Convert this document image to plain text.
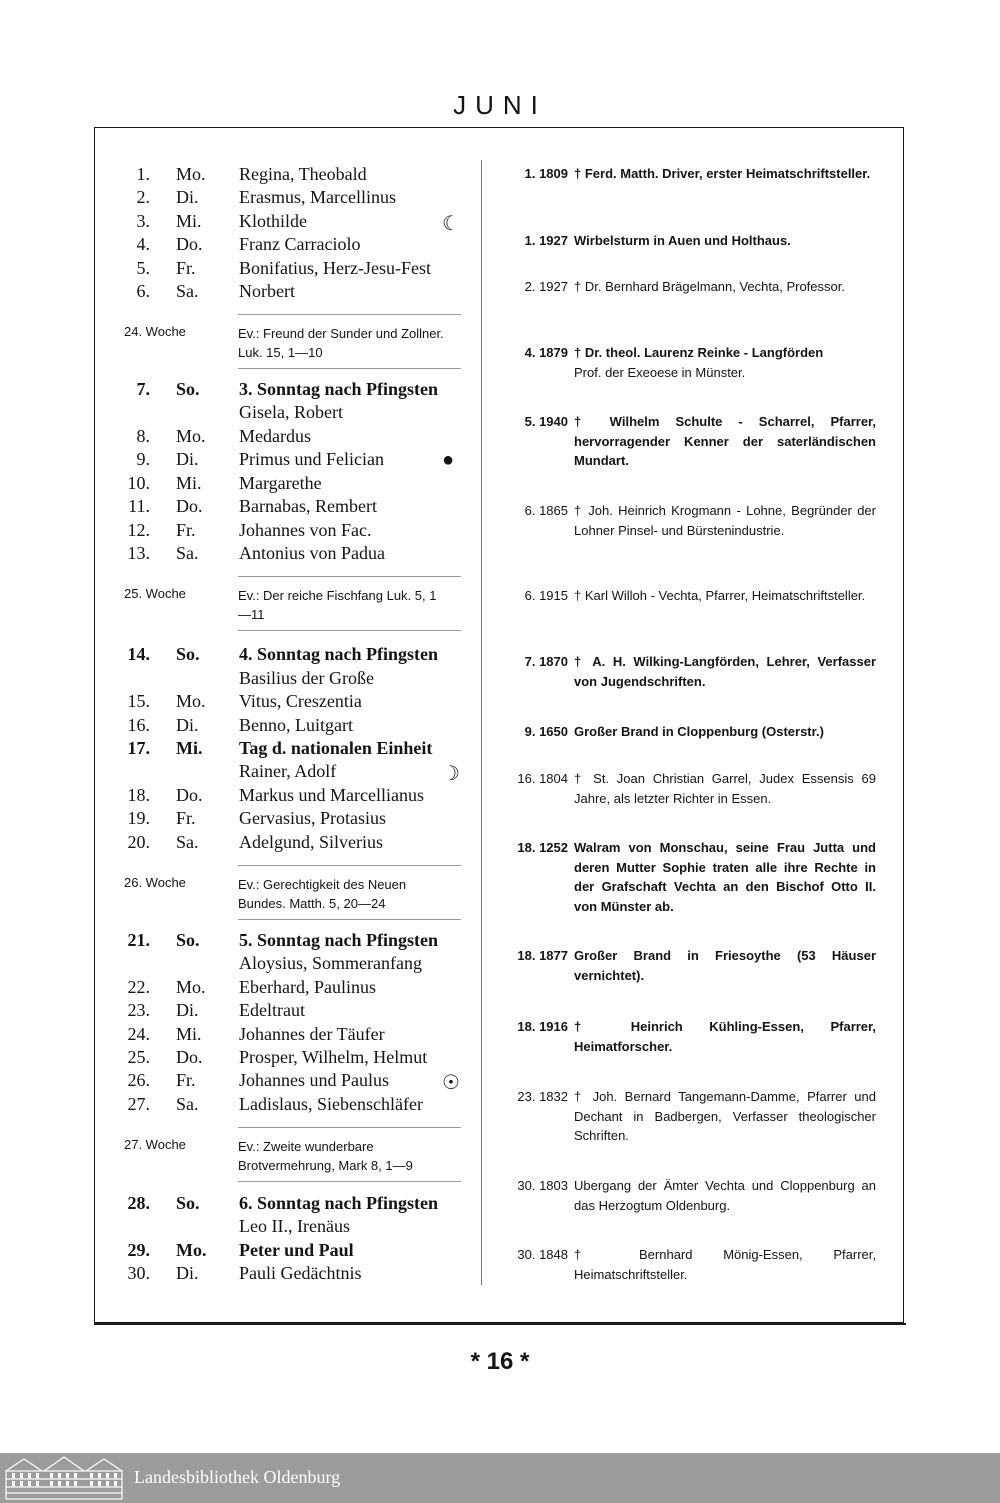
JUNI
1. Mo. Regina, Theobald
2. Di. Erasmus, Marcellinus
3. Mi. Klothilde	☾
4. Do. Franz Carraciolo
5. Fr. Bonifatius, Herz-Jesu-Fest
6. Sa. Norbert
24. Woche	Ev.: Freund der Sunder und Zollner. Luk. 15, 1—10
7. So. 3. Sonntag nach Pfingsten
Gisela, Robert
8. Mo. Medardus
9. Di. Primus und Felician	●
10. Mi. Margarethe
11. Do. Barnabas, Rembert
12. Fr. Johannes von Fac.
13. Sa. Antonius von Padua
25. Woche	Ev.: Der reiche Fischfang Luk. 5, 1—11
14. So. 4. Sonntag nach Pfingsten
Basilius der Große
15. Mo. Vitus, Creszentia
16. Di. Benno, Luitgart
17. Mi. Tag d. nationalen Einheit
Rainer, Adolf	☽
18. Do. Markus und Marcellianus
19. Fr. Gervasius, Protasius
20. Sa. Adelgund, Silverius
26. Woche	Ev.: Gerechtigkeit des Neuen Bundes. Matth. 5, 20—24
21. So. 5. Sonntag nach Pfingsten
Aloysius, Sommeranfang
22. Mo. Eberhard, Paulinus
23. Di. Edeltraut
24. Mi. Johannes der Täufer
25. Do. Prosper, Wilhelm, Helmut
26. Fr. Johannes und Paulus	☉
27. Sa. Ladislaus, Siebenschläfer
27. Woche	Ev.: Zweite wunderbare Brotvermehrung, Mark 8, 1—9
28. So. 6. Sonntag nach Pfingsten
Leo II., Irenäus
29. Mo. Peter und Paul
30. Di. Pauli Gedächtnis
1. 1809 † Ferd. Matth. Driver, erster Heimatschriftsteller.
1. 1927 Wirbelsturm in Auen und Holthaus.
2. 1927 † Dr. Bernhard Brägelmann, Vechta, Professor.
4. 1879 † Dr. theol. Laurenz Reinke - Langförden
Prof. der Exeoese in Münster.
5. 1940 † Wilhelm Schulte - Scharrel, Pfarrer, hervorragender Kenner der saterländischen Mundart.
6. 1865 † Joh. Heinrich Krogmann - Lohne, Begründer der Lohner Pinsel- und Bürstenindustrie.
6. 1915 † Karl Willoh - Vechta, Pfarrer, Heimatschriftsteller.
7. 1870 † A. H. Wilking-Langförden, Lehrer, Verfasser von Jugendschriften.
9. 1650 Großer Brand in Cloppenburg (Osterstr.)
16. 1804 † St. Joan Christian Garrel, Judex Essensis 69 Jahre, als letzter Richter in Essen.
18. 1252 Walram von Monschau, seine Frau Jutta und deren Mutter Sophie traten alle ihre Rechte in der Grafschaft Vechta an den Bischof Otto II. von Münster ab.
18. 1877 Großer Brand in Friesoythe (53 Häuser vernichtet).
18. 1916 † Heinrich Kühling-Essen, Pfarrer, Heimatforscher.
23. 1832 † Joh. Bernard Tangemann-Damme, Pfarrer und Dechant in Badbergen, Verfasser theologischer Schriften.
30. 1803 Ubergang der Ämter Vechta und Cloppenburg an das Herzogtum Oldenburg.
30. 1848 † Bernhard Mönig-Essen, Pfarrer, Heimatschriftsteller.
* 16 *
Landesbibliothek Oldenburg
